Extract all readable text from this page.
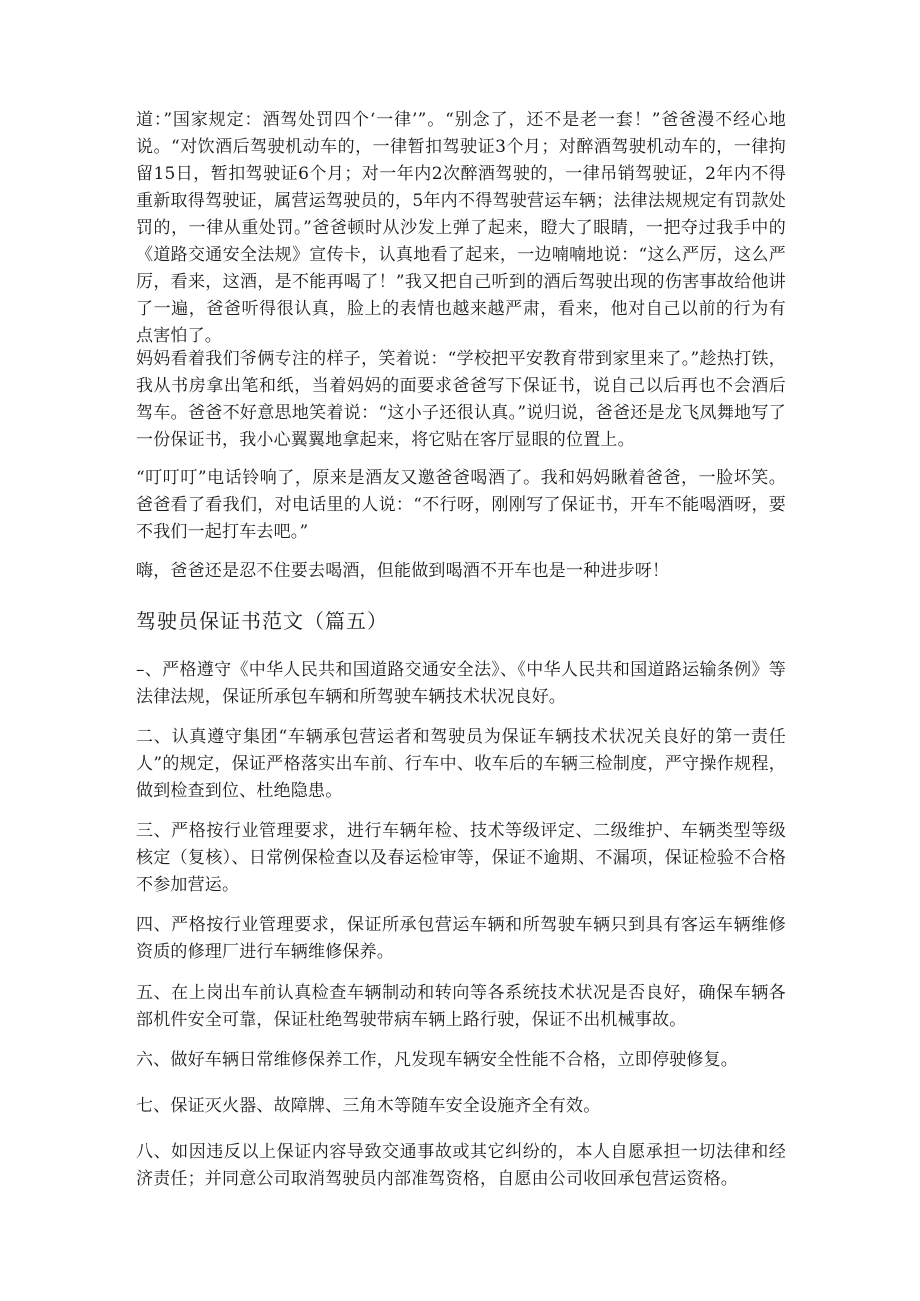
道：”国家规定：酒驾处罚四个‘一律’”。“别念了，还不是老一套！”爸爸漫不经心地说。“对饮酒后驾驶机动车的，一律暂扣驾驶证3个月；对醉酒驾驶机动车的，一律拘留15日，暂扣驾驶证6个月；对一年内2次醉酒驾驶的，一律吊销驾驶证，2年内不得重新取得驾驶证，属营运驾驶员的，5年内不得驾驶营运车辆；法律法规规定有罚款处罚的，一律从重处罚。”爸爸顿时从沙发上弹了起来，瞪大了眼睛，一把夺过我手中的《道路交通安全法规》宣传卡，认真地看了起来，一边喃喃地说：“这么严厉，这么严厉，看来，这酒，是不能再喝了！”我又把自己听到的酒后驾驶出现的伤害事故给他讲了一遍，爸爸听得很认真，脸上的表情也越来越严肃，看来，他对自己以前的行为有点害怕了。

妈妈看着我们爷俩专注的样子，笑着说：“学校把平安教育带到家里来了。”趁热打铁，我从书房拿出笔和纸，当着妈妈的面要求爸爸写下保证书，说自己以后再也不会酒后驾车。爸爸不好意思地笑着说：“这小子还很认真。”说归说，爸爸还是龙飞凤舞地写了一份保证书，我小心翼翼地拿起来，将它贴在客厅显眼的位置上。

“叮叮叮”电话铃响了，原来是酒友又邀爸爸喝酒了。我和妈妈瞅着爸爸，一脸坏笑。爸爸看了看我们，对电话里的人说：“不行呀，刚刚写了保证书，开车不能喝酒呀，要不我们一起打车去吧。”

嗨，爸爸还是忍不住要去喝酒，但能做到喝酒不开车也是一种进步呀！

驾驶员保证书范文（篇五）

–、严格遵守《中华人民共和国道路交通安全法》、《中华人民共和国道路运输条例》等法律法规，保证所承包车辆和所驾驶车辆技术状况良好。

二、认真遵守集团“车辆承包营运者和驾驶员为保证车辆技术状况关良好的第一责任人”的规定，保证严格落实出车前、行车中、收车后的车辆三检制度，严守操作规程，做到检查到位、杜绝隐患。

三、严格按行业管理要求，进行车辆年检、技术等级评定、二级维护、车辆类型等级核定（复核）、日常例保检查以及春运检审等，保证不逾期、不漏项，保证检验不合格不参加营运。

四、严格按行业管理要求，保证所承包营运车辆和所驾驶车辆只到具有客运车辆维修资质的修理厂进行车辆维修保养。

五、在上岗出车前认真检查车辆制动和转向等各系统技术状况是否良好，确保车辆各部机件安全可靠，保证杜绝驾驶带病车辆上路行驶，保证不出机械事故。

六、做好车辆日常维修保养工作，凡发现车辆安全性能不合格，立即停驶修复。

七、保证灭火器、故障牌、三角木等随车安全设施齐全有效。

八、如因违反以上保证内容导致交通事故或其它纠纷的，本人自愿承担一切法律和经济责任；并同意公司取消驾驶员内部准驾资格，自愿由公司收回承包营运资格。
